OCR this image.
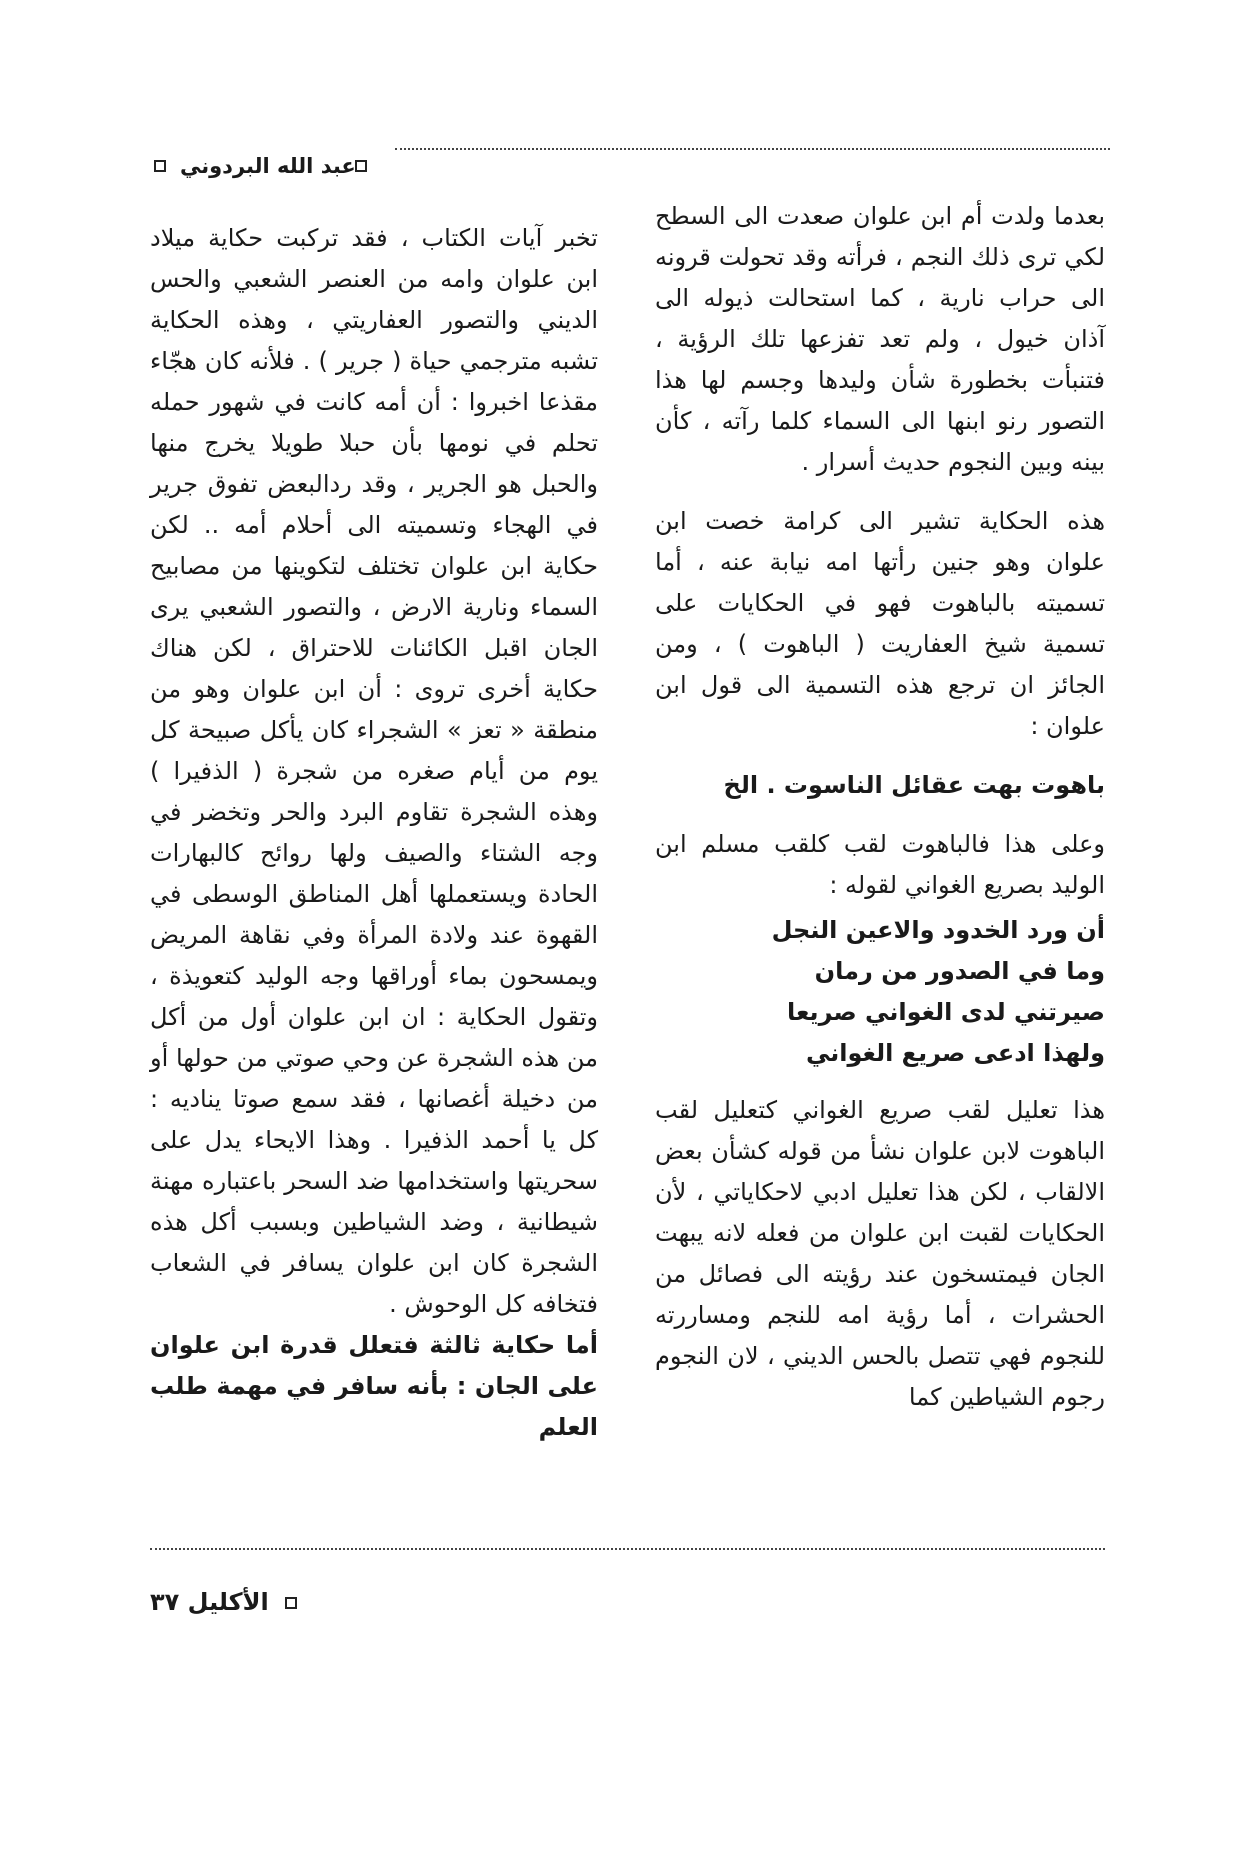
عبد الله البردوني

بعدما ولدت أم ابن علوان صعدت الى السطح لكي ترى ذلك النجم ، فرأته وقد تحولت قرونه الى حراب نارية ، كما استحالت ذيوله الى آذان خيول ، ولم تعد تفزعها تلك الرؤية ، فتنبأت بخطورة شأن وليدها وجسم لها هذا التصور رنو ابنها الى السماء كلما رآته ، كأن بينه وبين النجوم حديث أسرار .

هذه الحكاية تشير الى كرامة خصت ابن علوان وهو جنين رأتها امه نيابة عنه ، أما تسميته بالباهوت فهو في الحكايات على تسمية شيخ العفاريت ( الباهوت ) ، ومن الجائز ان ترجع هذه التسمية الى قول ابن علوان :

باهوت بهت عقائل الناسوت . الخ

وعلى هذا فالباهوت لقب كلقب مسلم ابن الوليد بصريع الغواني لقوله :

أن ورد الخدود والاعين النجل
وما في الصدور من رمان
صيرتني لدى الغواني صريعا
ولهذا ادعى صريع الغواني

هذا تعليل لقب صريع الغواني كتعليل لقب الباهوت لابن علوان نشأ من قوله كشأن بعض الالقاب ، لكن هذا تعليل ادبي لاحكاياتي ، لأن الحكايات لقبت ابن علوان من فعله لانه يبهت الجان فيمتسخون عند رؤيته الى فصائل من الحشرات ، أما رؤية امه للنجم ومساررته للنجوم فهي تتصل بالحس الديني ، لان النجوم رجوم الشياطين كما

تخبر آيات الكتاب ، فقد تركبت حكاية ميلاد ابن علوان وامه من العنصر الشعبي والحس الديني والتصور العفاريتي ، وهذه الحكاية تشبه مترجمي حياة ( جرير ) . فلأنه كان هجّاء مقذعا اخبروا : أن أمه كانت في شهور حمله تحلم في نومها بأن حبلا طويلا يخرج منها والحبل هو الجرير ، وقد ردالبعض تفوق جرير في الهجاء وتسميته الى أحلام أمه .. لكن حكاية ابن علوان تختلف لتكوينها من مصابيح السماء ونارية الارض ، والتصور الشعبي يرى الجان اقبل الكائنات للاحتراق ، لكن هناك حكاية أخرى تروى : أن ابن علوان وهو من منطقة « تعز » الشجراء كان يأكل صبيحة كل يوم من أيام صغره من شجرة ( الذفيرا ) وهذه الشجرة تقاوم البرد والحر وتخضر في وجه الشتاء والصيف ولها روائح كالبهارات الحادة ويستعملها أهل المناطق الوسطى في القهوة عند ولادة المرأة وفي نقاهة المريض ويمسحون بماء أوراقها وجه الوليد كتعويذة ، وتقول الحكاية : ان ابن علوان أول من أكل من هذه الشجرة عن وحي صوتي من حولها أو من دخيلة أغصانها ، فقد سمع صوتا يناديه : كل يا أحمد الذفيرا . وهذا الايحاء يدل على سحريتها واستخدامها ضد السحر باعتباره مهنة شيطانية ، وضد الشياطين وبسبب أكل هذه الشجرة كان ابن علوان يسافر في الشعاب فتخافه كل الوحوش .

أما حكاية ثالثة فتعلل قدرة ابن علوان على الجان : بأنه سافر في مهمة طلب العلم

الأكليل ٣٧
